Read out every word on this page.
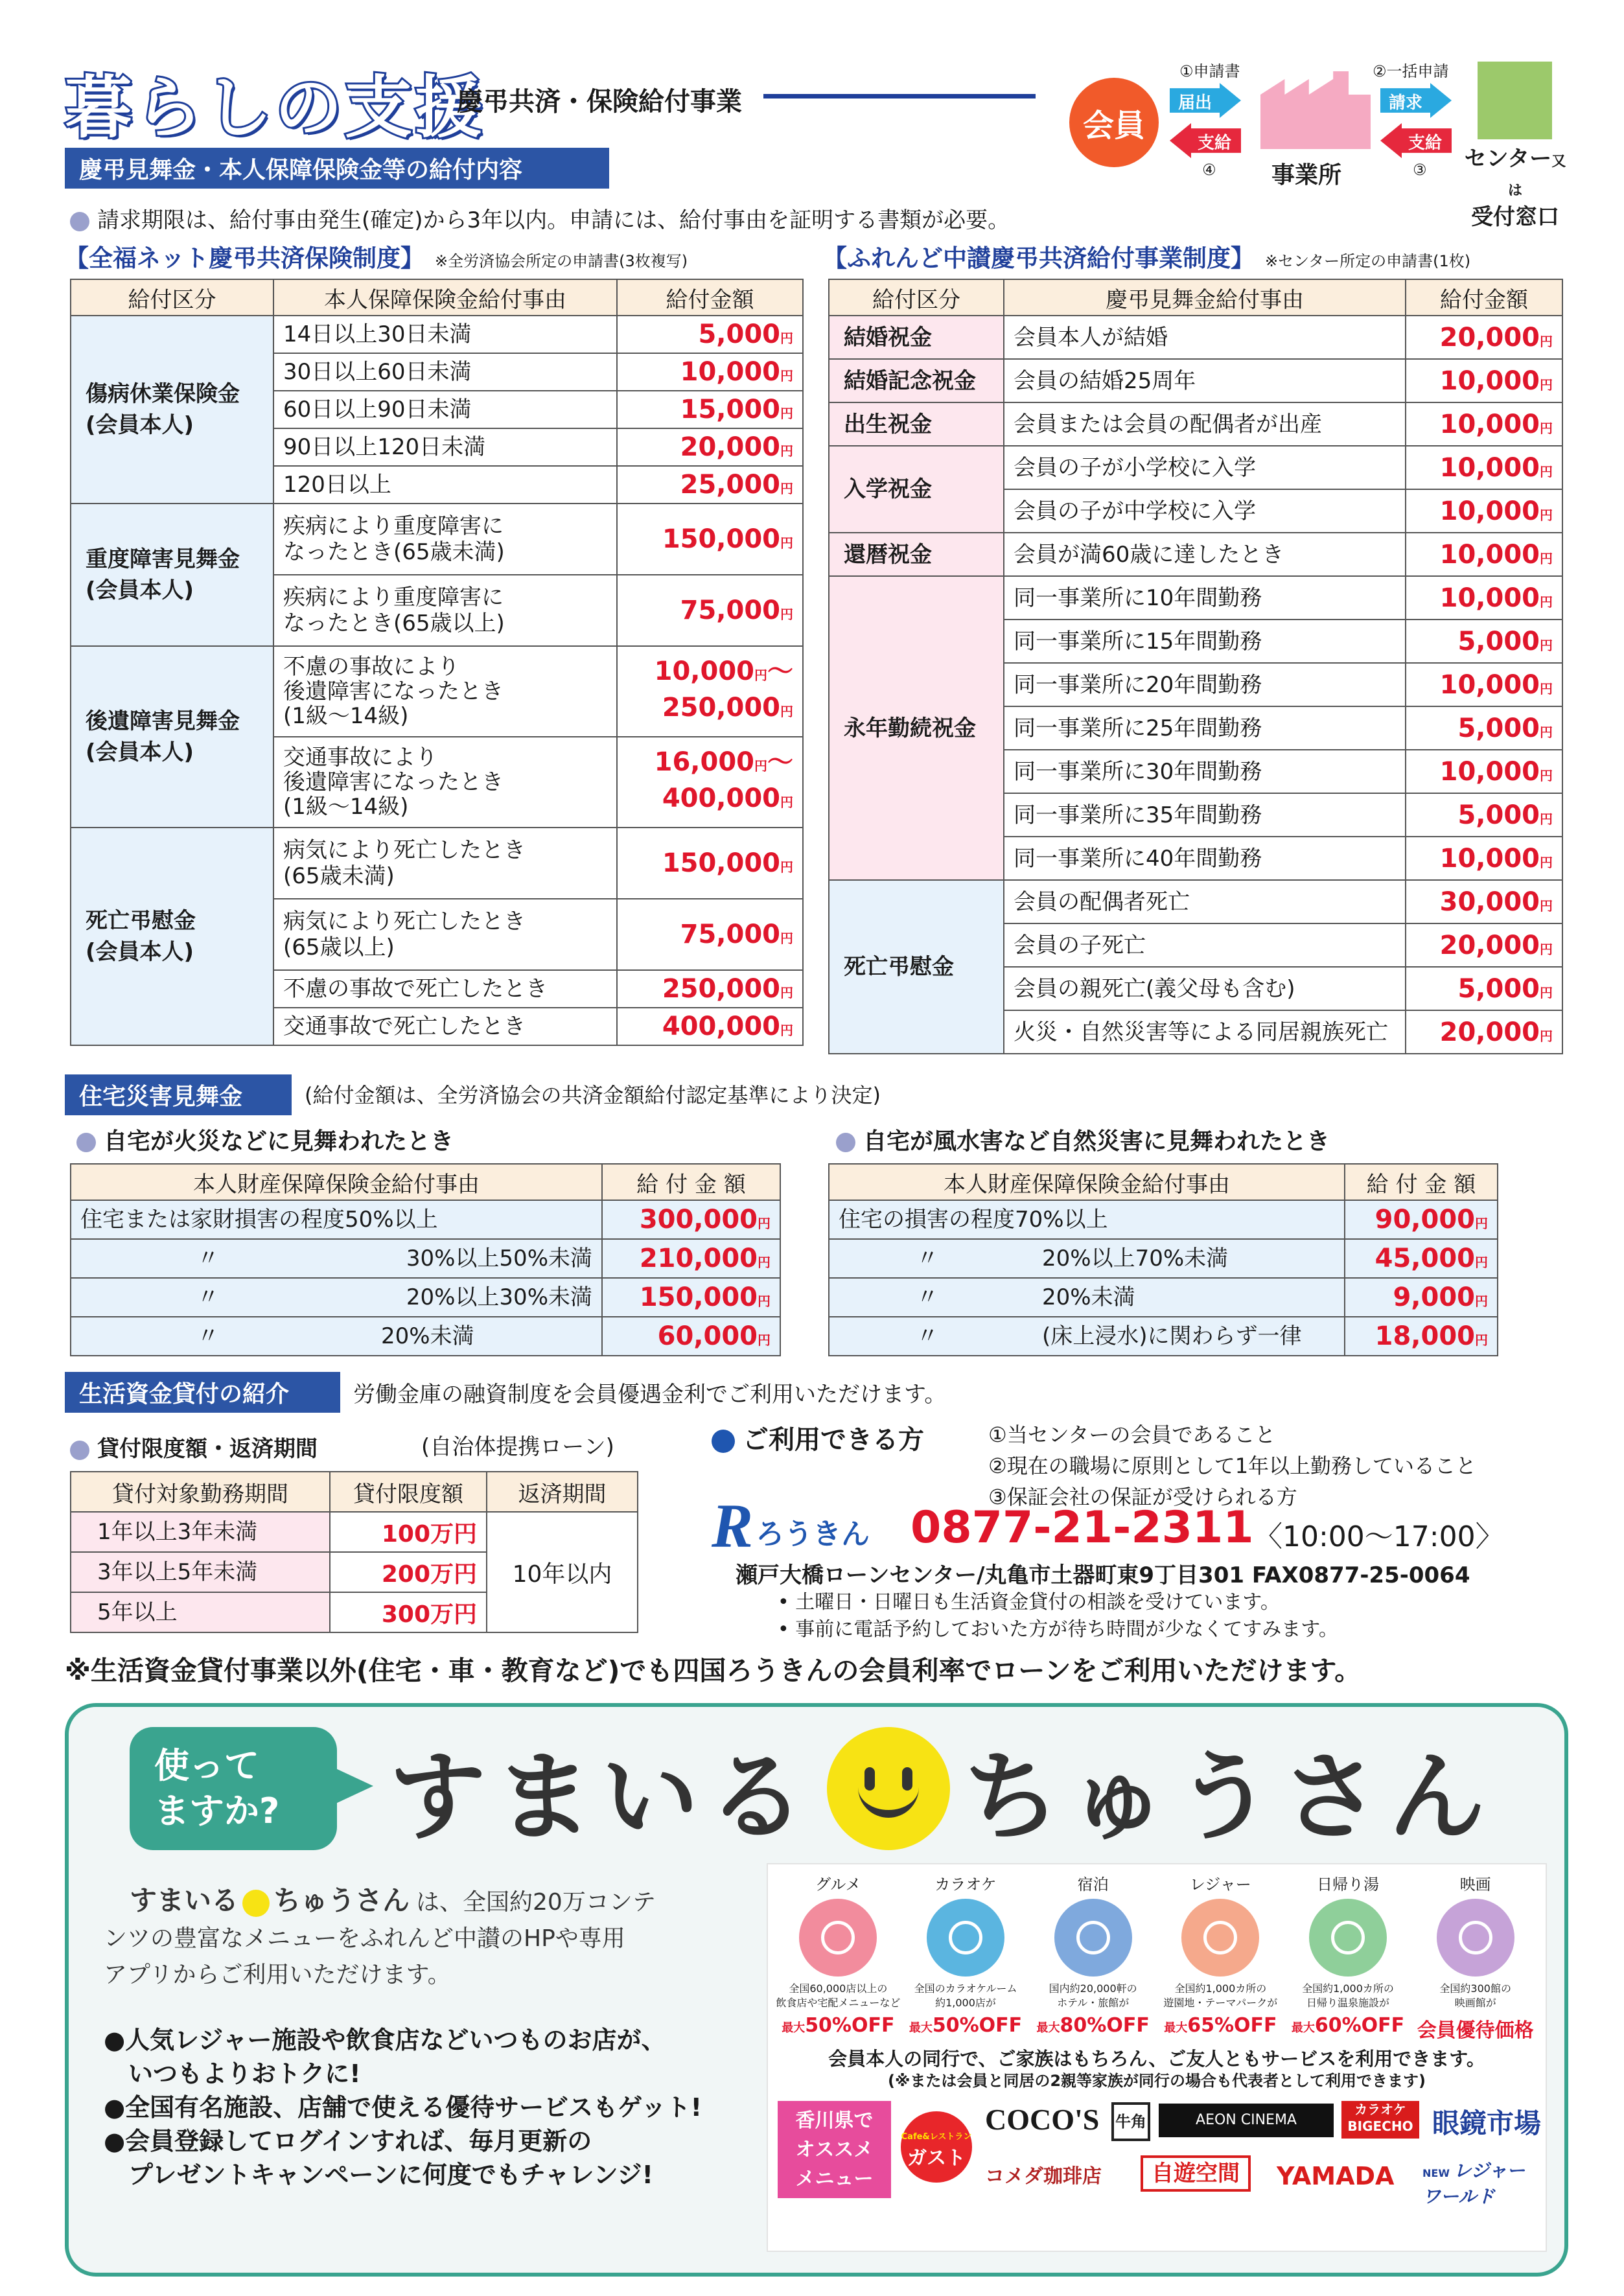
暮らしの支援
慶弔共済・保険給付事業
会員
①申請書
届出
支給
④ 事業所
②一括申請
請求
支給
③ センター又は
受付窓口
慶弔見舞金・本人保障保険金等の給付内容
請求期限は、給付事由発生(確定)から3年以内。申請には、給付事由を証明する書類が必要。
【全福ネット慶弔共済保険制度】 ※全労済協会所定の申請書(3枚複写)	【ふれんど中讃慶弔共済給付事業制度】 ※センター所定の申請書(1枚)
給付区分	本人保障保険金給付事由	給付金額
傷病休業保険金
(会員本人)	14日以上30日未満	5,000円
	30日以上60日未満	10,000円
	60日以上90日未満	15,000円
	90日以上120日未満	20,000円
	120日以上	25,000円
重度障害見舞金
(会員本人)	疾病により重度障害に
なったとき(65歳未満)	150,000円
	疾病により重度障害に
なったとき(65歳以上)	75,000円
後遺障害見舞金
(会員本人)	不慮の事故により
後遺障害になったとき
(1級～14級)	10,000円～
250,000円
	交通事故により
後遺障害になったとき
(1級～14級)	16,000円～
400,000円
死亡弔慰金
(会員本人)	病気により死亡したとき
(65歳未満)	150,000円
	病気により死亡したとき
(65歳以上)	75,000円
	不慮の事故で死亡したとき	250,000円
	交通事故で死亡したとき	400,000円
給付区分	慶弔見舞金給付事由	給付金額
結婚祝金	会員本人が結婚	20,000円
結婚記念祝金	会員の結婚25周年	10,000円
出生祝金	会員または会員の配偶者が出産	10,000円
入学祝金	会員の子が小学校に入学	10,000円
	会員の子が中学校に入学	10,000円
還暦祝金	会員が満60歳に達したとき	10,000円
永年勤続祝金	同一事業所に10年間勤務	10,000円
	同一事業所に15年間勤務	5,000円
	同一事業所に20年間勤務	10,000円
	同一事業所に25年間勤務	5,000円
	同一事業所に30年間勤務	10,000円
	同一事業所に35年間勤務	5,000円
	同一事業所に40年間勤務	10,000円
死亡弔慰金	会員の配偶者死亡	30,000円
	会員の子死亡	20,000円
	会員の親死亡(義父母も含む)	5,000円
	火災・自然災害等による同居親族死亡	20,000円
住宅災害見舞金	(給付金額は、全労済協会の共済金額給付認定基準により決定)
自宅が火災などに見舞われたとき	自宅が風水害など自然災害に見舞われたとき
本人財産保障保険金給付事由	給 付 金 額
住宅または家財損害の程度50%以上	300,000円
〃 30%以上50%未満	210,000円
〃 20%以上30%未満	150,000円
〃 20%未満	60,000円
本人財産保障保険金給付事由	給 付 金 額
住宅の損害の程度70%以上	90,000円
〃 20%以上70%未満	45,000円
〃 20%未満	9,000円
〃 (床上浸水)に関わらず一律	18,000円
生活資金貸付の紹介	労働金庫の融資制度を会員優遇金利でご利用いただけます。
貸付限度額・返済期間	(自治体提携ローン)
貸付対象勤務期間	貸付限度額	返済期間
1年以上3年未満	100万円	10年以内
3年以上5年未満	200万円	
5年以上	300万円	
ご利用できる方	①当センターの会員であること
②現在の職場に原則として1年以上勤務していること
③保証会社の保証が受けられる方
R ろうきん 0877-21-2311 〈10:00～17:00〉
瀬戸大橋ローンセンター/丸亀市土器町東9丁目301 FAX0877-25-0064
• 土曜日・日曜日も生活資金貸付の相談を受けています。
• 事前に電話予約しておいた方が待ち時間が少なくてすみます。
※生活資金貸付事業以外(住宅・車・教育など)でも四国ろうきんの会員利率でローンをご利用いただけます。
使って
ますか?	すまいる ちゅうさん
すまいる ちゅうさん は、全国約20万コンテ
ンツの豊富なメニューをふれんど中讃のHPや専用
アプリからご利用いただけます。
●人気レジャー施設や飲食店などいつものお店が、
いつもよりおトクに!
●全国有名施設、店舗で使える優待サービスもゲット!
●会員登録してログインすれば、毎月更新の
プレゼントキャンペーンに何度でもチャレンジ!
グルメ
全国60,000店以上の
飲食店や宅配メニューなど
最大50%OFF
カラオケ
全国のカラオケルーム
約1,000店が
最大50%OFF
宿泊
国内約20,000軒の
ホテル・旅館が
最大80%OFF
レジャー
全国約1,000カ所の
遊園地・テーマパークが
最大65%OFF
日帰り湯
全国約1,000カ所の
日帰り温泉施設が
最大60%OFF
映画
全国約300館の
映画館が
会員優待価格
会員本人の同行で、ご家族はもちろん、ご友人ともサービスを利用できます。
(※または会員と同居の2親等家族が同行の場合も代表者として利用できます)
香川県で
オススメ
メニュー
Cafe&レストラン
ガスト
COCO'S 牛角	AEON CINEMA
カラオケ
BIGECHO 眼鏡市場
コメダ珈琲店	自遊空間	YAMADA	NEW レジャーワールド
